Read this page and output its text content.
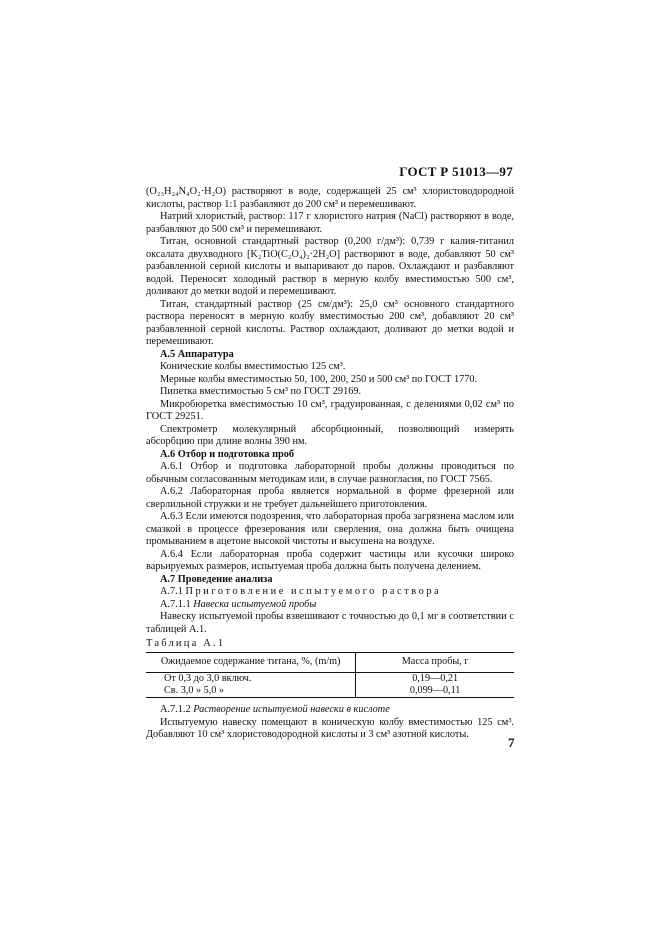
ГОСТ Р 51013—97

(O₂₃H₂₄N₄O₂·H₂O) растворяют в воде, содержащей 25 см³ хлористоводородной кислоты, раствор 1:1 разбавляют до 200 см³ и перемешивают.

Натрий хлористый, раствор: 117 г хлористого натрия (NaCl) растворяют в воде, разбавляют до 500 см³ и перемешивают.

Титан, основной стандартный раствор (0,200 г/дм³): 0,739 г калия-титанил оксалата двухводного [K₂TiO(C₂O₄)₂·2H₂O] растворяют в воде, добавляют 50 см³ разбавленной серной кислоты и выпаривают до паров. Охлаждают и разбавляют водой. Переносят холодный раствор в мерную колбу вместимостью 500 см³, доливают до метки водой и перемешивают.

Титан, стандартный раствор (25 см/дм³): 25,0 см³ основного стандартного раствора переносят в мерную колбу вместимостью 200 см³, добавляют 20 см³ разбавленной серной кислоты. Раствор охлаждают, доливают до метки водой и перемешивают.

А.5 Аппаратура

Конические колбы вместимостью 125 см³.

Мерные колбы вместимостью 50, 100, 200, 250 и 500 см³ по ГОСТ 1770.

Пипетка вместимостью 5 см³ по ГОСТ 29169.

Микробюретка вместимостью 10 см³, градуированная, с делениями 0,02 см³ по ГОСТ 29251.

Спектрометр молекулярный абсорбционный, позволяющий измерять абсорбцию при длине волны 390 нм.

А.6 Отбор и подготовка проб

А.6.1 Отбор и подготовка лабораторной пробы должны проводиться по обычным согласованным методикам или, в случае разногласия, по ГОСТ 7565.

А.6.2 Лабораторная проба является нормальной в форме фрезерной или сверлильной стружки и не требует дальнейшего приготовления.

А.6.3 Если имеются подозрения, что лабораторная проба загрязнена маслом или смазкой в процессе фрезерования или сверления, она должна быть очищена промыванием в ацетоне высокой чистоты и высушена на воздухе.

А.6.4 Если лабораторная проба содержит частицы или кусочки широко варьируемых размеров, испытуемая проба должна быть получена делением.

А.7 Проведение анализа

А.7.1 Приготовление испытуемого раствора

А.7.1.1 Навеска испытуемой пробы

Навеску испытуемой пробы взвешивают с точностью до 0,1 мг в соответствии с таблицей А.1.

Таблица А.1
Ожидаемое содержание титана, %, (m/m)	Масса пробы, г
От 0,3 до 3,0 включ.	0,19—0,21
Св. 3,0 » 5,0 »	0,099—0,11

А.7.1.2 Растворение испытуемой навески в кислоте

Испытуемую навеску помещают в коническую колбу вместимостью 125 см³. Добавляют 10 см³ хлористоводородной кислоты и 3 см³ азотной кислоты.

7
